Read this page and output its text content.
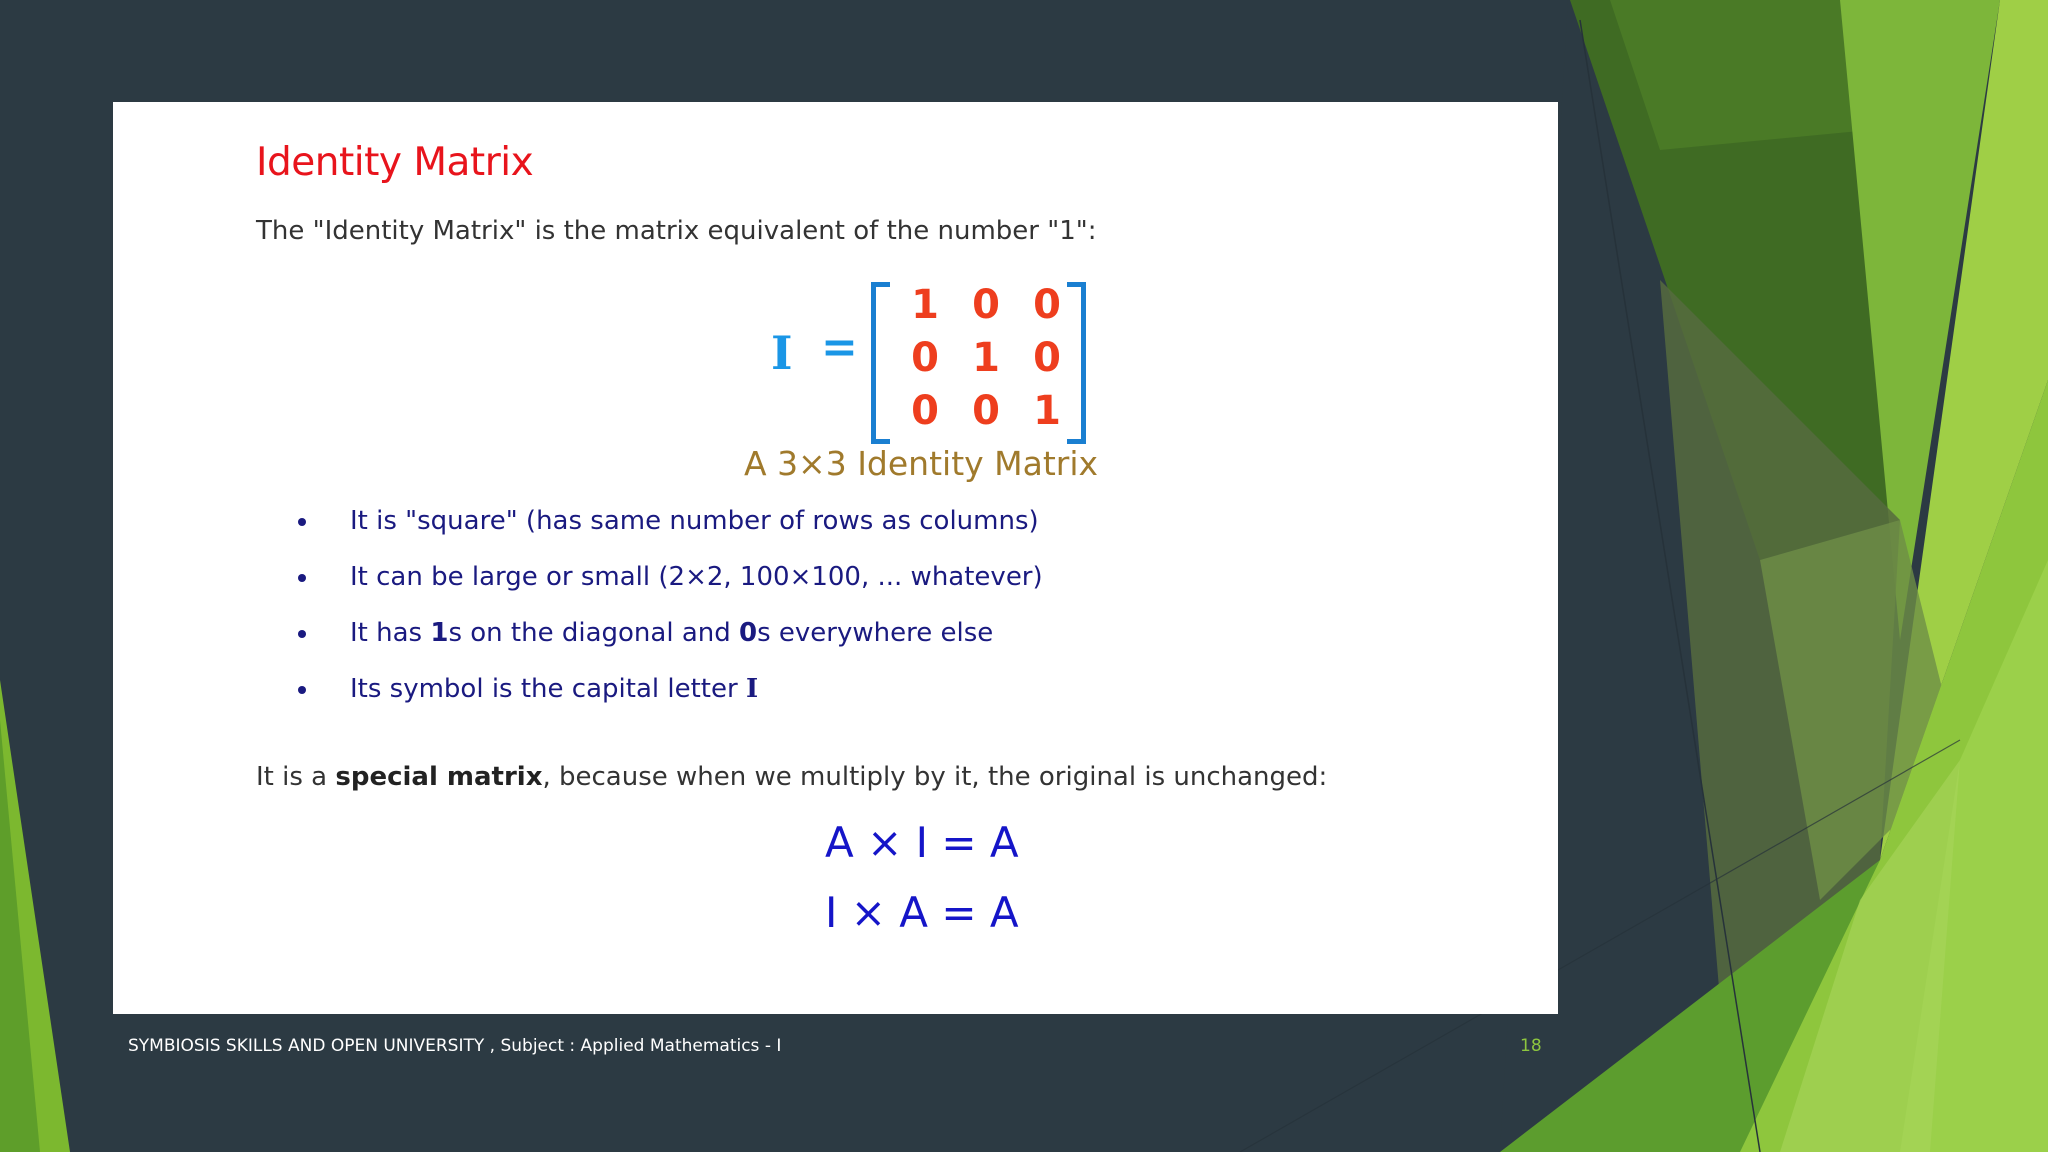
Identity Matrix
The "Identity Matrix" is the matrix equivalent of the number "1":
I =
1 0 0
0 1 0
0 0 1
A 3×3 Identity Matrix
It is "square" (has same number of rows as columns)
It can be large or small (2×2, 100×100, ... whatever)
It has 1s on the diagonal and 0s everywhere else
Its symbol is the capital letter I
It is a special matrix, because when we multiply by it, the original is unchanged:
A × I = A
I × A = A
SYMBIOSIS SKILLS AND OPEN UNIVERSITY , Subject : Applied Mathematics - I	18
